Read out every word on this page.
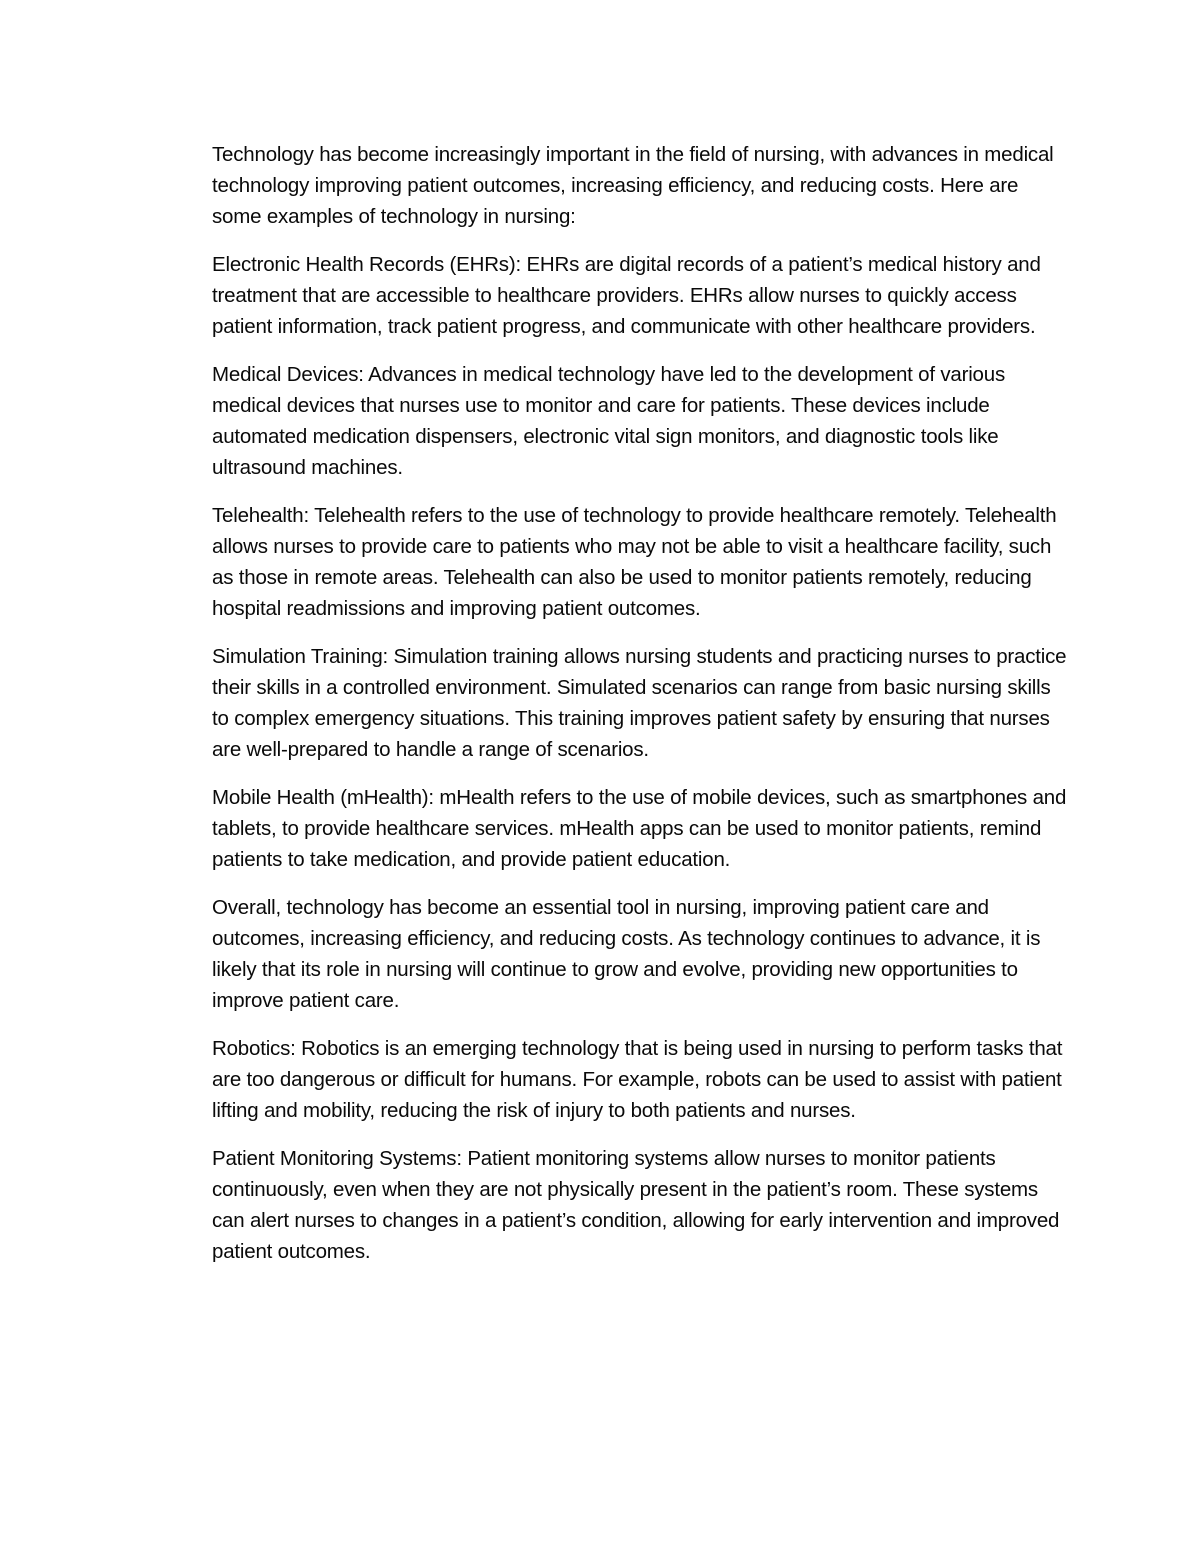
Technology has become increasingly important in the field of nursing, with advances in medical technology improving patient outcomes, increasing efficiency, and reducing costs. Here are some examples of technology in nursing:

Electronic Health Records (EHRs): EHRs are digital records of a patient’s medical history and treatment that are accessible to healthcare providers. EHRs allow nurses to quickly access patient information, track patient progress, and communicate with other healthcare providers.

Medical Devices: Advances in medical technology have led to the development of various medical devices that nurses use to monitor and care for patients. These devices include automated medication dispensers, electronic vital sign monitors, and diagnostic tools like ultrasound machines.

Telehealth: Telehealth refers to the use of technology to provide healthcare remotely. Telehealth allows nurses to provide care to patients who may not be able to visit a healthcare facility, such as those in remote areas. Telehealth can also be used to monitor patients remotely, reducing hospital readmissions and improving patient outcomes.

Simulation Training: Simulation training allows nursing students and practicing nurses to practice their skills in a controlled environment. Simulated scenarios can range from basic nursing skills to complex emergency situations. This training improves patient safety by ensuring that nurses are well-prepared to handle a range of scenarios.

Mobile Health (mHealth): mHealth refers to the use of mobile devices, such as smartphones and tablets, to provide healthcare services. mHealth apps can be used to monitor patients, remind patients to take medication, and provide patient education.

Overall, technology has become an essential tool in nursing, improving patient care and outcomes, increasing efficiency, and reducing costs. As technology continues to advance, it is likely that its role in nursing will continue to grow and evolve, providing new opportunities to improve patient care.

Robotics: Robotics is an emerging technology that is being used in nursing to perform tasks that are too dangerous or difficult for humans. For example, robots can be used to assist with patient lifting and mobility, reducing the risk of injury to both patients and nurses.

Patient Monitoring Systems: Patient monitoring systems allow nurses to monitor patients continuously, even when they are not physically present in the patient’s room. These systems can alert nurses to changes in a patient’s condition, allowing for early intervention and improved patient outcomes.
